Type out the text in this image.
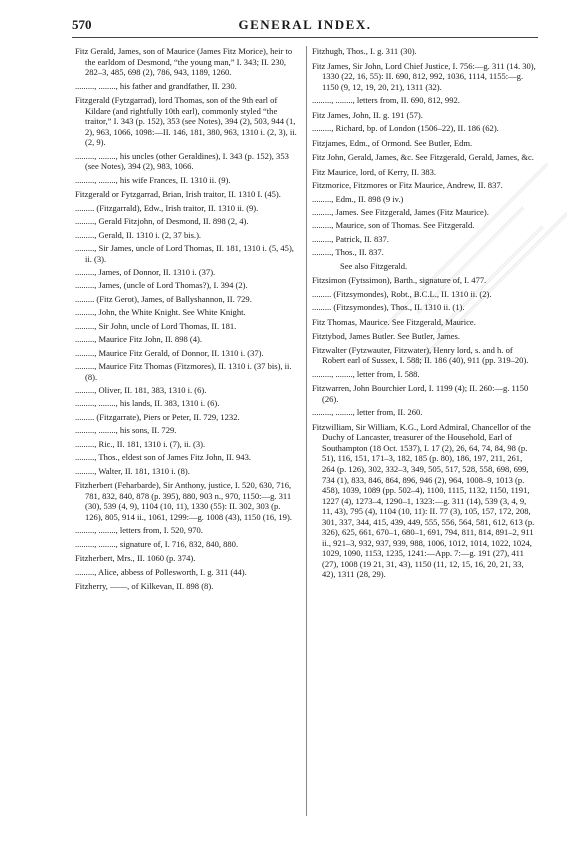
570	GENERAL INDEX.

Fitz Gerald, James, son of Maurice (James Fitz Morice), heir to the earldom of Desmond, “the young man,” I. 343; II. 230, 282–3, 485, 698 (2), 786, 943, 1189, 1260.

........., ........, his father and grandfather, II. 230.

Fitzgerald (Fytzgarrad), lord Thomas, son of the 9th earl of Kildare (and rightfully 10th earl), commonly styled “the traitor,” I. 343 (p. 152), 353 (see Notes), 394 (2), 503, 944 (1, 2), 963, 1066, 1098:—II. 146, 181, 380, 963, 1310 i. (2, 3), ii. (2, 9).

........., ........, his uncles (other Geraldines), I. 343 (p. 152), 353 (see Notes), 394 (2), 983, 1066.

........., ........, his wife Frances, II. 1310 ii. (9).

Fitzgerald or Fytzgarrad, Brian, Irish traitor, II. 1310 I. (45).

......... (Fitzgarrald), Edw., Irish traitor, II. 1310 ii. (9).

........., Gerald Fitzjohn, of Desmond, II. 898 (2, 4).

........., Gerald, II. 1310 i. (2, 37 bis.).

........., Sir James, uncle of Lord Thomas, II. 181, 1310 i. (5, 45), ii. (3).

........., James, of Donnor, II. 1310 i. (37).

........., James, (uncle of Lord Thomas?), I. 394 (2).

......... (Fitz Gerot), James, of Ballyshannon, II. 729.

........., John, the White Knight. See White Knight.

........., Sir John, uncle of Lord Thomas, II. 181.

........., Maurice Fitz John, II. 898 (4).

........., Maurice Fitz Gerald, of Donnor, II. 1310 i. (37).

........., Maurice Fitz Thomas (Fitzmores), II. 1310 i. (37 bis), ii. (8).

........., Oliver, II. 181, 383, 1310 i. (6).

........., ........, his lands, II. 383, 1310 i. (6).

......... (Fitzgarrate), Piers or Peter, II. 729, 1232.

........., ........, his sons, II. 729.

........., Ric., II. 181, 1310 i. (7), ii. (3).

........., Thos., eldest son of James Fitz John, II. 943.

........., Walter, II. 181, 1310 i. (8).

Fitzherbert (Feharbarde), Sir Anthony, justice, I. 520, 630, 716, 781, 832, 840, 878 (p. 395), 880, 903 n., 970, 1150:—g. 311 (30), 539 (4, 9), 1104 (10, 11), 1330 (55): II. 302, 303 (p. 126), 805, 914 ii., 1061, 1299:—g. 1008 (43), 1150 (16, 19).

........., ........, letters from, I. 520, 970.

........., ........, signature of, I. 716, 832, 840, 880.

Fitzherbert, Mrs., II. 1060 (p. 374).

........., Alice, abbess of Pollesworth, I. g. 311 (44).

Fitzherry, ——, of Kilkevan, II. 898 (8).

Fitzhugh, Thos., I. g. 311 (30).

Fitz James, Sir John, Lord Chief Justice, I. 756:—g. 311 (14. 30), 1330 (22, 16, 55): II. 690, 812, 992, 1036, 1114, 1155:—g. 1150 (9, 12, 19, 20, 21), 1311 (32).

........., ........, letters from, II. 690, 812, 992.

Fitz James, John, II. g. 191 (57).

........., Richard, bp. of London (1506–22), II. 186 (62).

Fitzjames, Edm., of Ormond. See Butler, Edm.

Fitz John, Gerald, James, &c. See Fitzgerald, Gerald, James, &c.

Fitz Maurice, lord, of Kerry, II. 383.

Fitzmorice, Fitzmores or Fitz Maurice, Andrew, II. 837.

........., Edm., II. 898 (9 iv.)

........., James. See Fitzgerald, James (Fitz Maurice).

........., Maurice, son of Thomas. See Fitzgerald.

........., Patrick, II. 837.

........., Thos., II. 837.

See also Fitzgerald.

Fitzsimon (Fytssimon), Barth., signature of, I. 477.

......... (Fitzsymondes), Robt., B.C.L., II. 1310 ii. (2).

......... (Fitzsymondes), Thos., II. 1310 ii. (1).

Fitz Thomas, Maurice. See Fitzgerald, Maurice.

Fitztybod, James Butler. See Butler, James.

Fitzwalter (Fytzwauter, Fitzwater), Henry lord, s. and h. of Robert earl of Sussex, I. 588; II. 186 (40), 911 (pp. 319–20).

........., ........, letter from, I. 588.

Fitzwarren, John Bourchier Lord, I. 1199 (4); II. 260:—g. 1150 (26).

........., ........, letter from, II. 260.

Fitzwilliam, Sir William, K.G., Lord Admiral, Chancellor of the Duchy of Lancaster, treasurer of the Household, Earl of Southampton (18 Oct. 1537), I. 17 (2), 26, 64, 74, 84, 98 (p. 51), 116, 151, 171–3, 182, 185 (p. 80), 186, 197, 211, 261, 264 (p. 126), 302, 332–3, 349, 505, 517, 528, 558, 698, 699, 734 (1), 833, 846, 864, 896, 946 (2), 964, 1008–9, 1013 (p. 458), 1039, 1089 (pp. 502–4), 1100, 1115, 1132, 1150, 1191, 1227 (4), 1273–4, 1290–1, 1323:—g. 311 (14), 539 (3, 4, 9, 11, 43), 795 (4), 1104 (10, 11): II. 77 (3), 105, 157, 172, 208, 301, 337, 344, 415, 439, 449, 555, 556, 564, 581, 612, 613 (p. 326), 625, 661, 670–1, 680–1, 691, 794, 811, 814, 891–2, 911 ii., 921–3, 932, 937, 939, 988, 1006, 1012, 1014, 1022, 1024, 1029, 1090, 1153, 1235, 1241:—App. 7:—g. 191 (27), 411 (27), 1008 (19 21, 31, 43), 1150 (11, 12, 15, 16, 20, 21, 33, 42), 1311 (28, 29).
